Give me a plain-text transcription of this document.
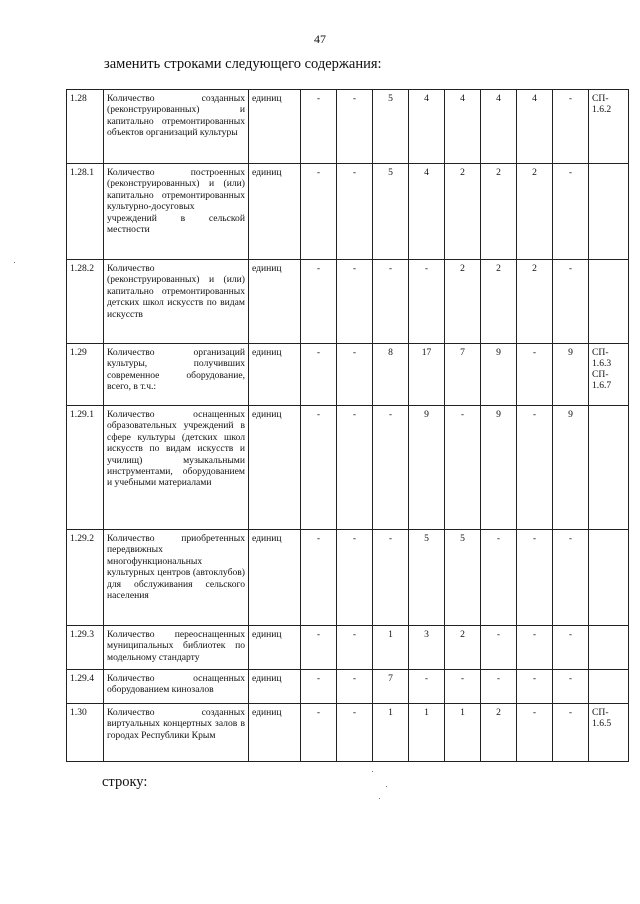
47
заменить строками следующего содержания:
1.28	Количество созданных (реконструированных) и капитально отремонтированных объектов организаций культуры	единиц	-	-	5	4	4	4	4	-	СП-
1.6.2

1.28.1	Количество построенных (реконструированных) и (или) капитально отремонтированных культурно-досуговых учреждений в сельской местности	единиц	-	-	5	4	2	2	2	-	
1.28.2	Количество (реконструированных) и (или) капитально отремонтированных детских школ искусств по видам искусств	единиц	-	-	-	-	2	2	2	-	
1.29	Количество организаций культуры, получивших современное оборудование, всего, в т.ч.:	единиц	-	-	8	17	7	9	-	9	СП-
1.6.3
СП-
1.6.7

1.29.1	Количество оснащенных образовательных учреждений в сфере культуры (детских школ искусств по видам искусств и училищ) музыкальными инструментами, оборудованием и учебными материалами	единиц	-	-	-	9	-	9	-	9	
1.29.2	Количество приобретенных передвижных многофункциональных культурных центров (автоклубов) для обслуживания сельского населения	единиц	-	-	-	5	5	-	-	-	
1.29.3	Количество переоснащенных муниципальных библиотек по модельному стандарту	единиц	-	-	1	3	2	-	-	-	
1.29.4	Количество оснащенных оборудованием кинозалов	единиц	-	-	7	-	-	-	-	-	
1.30	Количество созданных виртуальных концертных залов в городах Республики Крым	единиц	-	-	1	1	1	2	-	-	СП-
1.6.5
строку:
